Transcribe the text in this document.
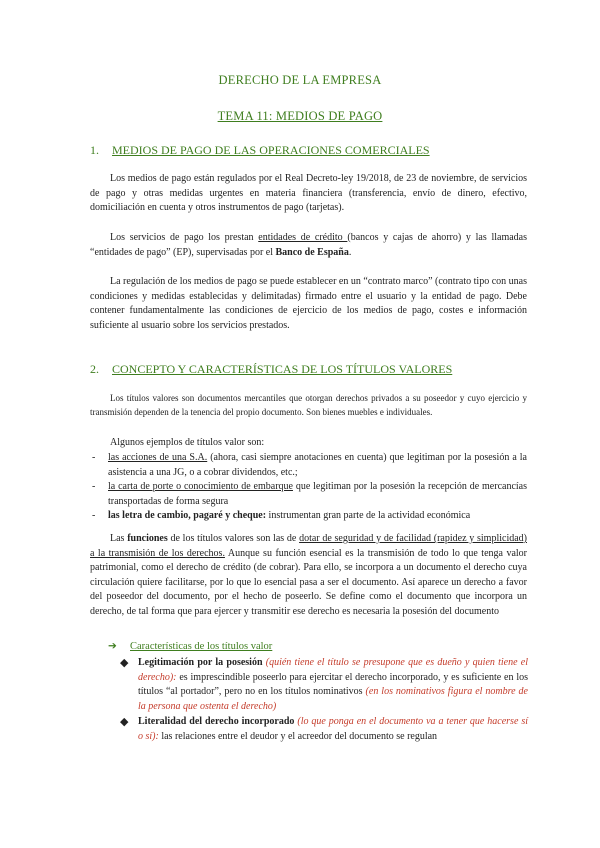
DERECHO DE LA EMPRESA
TEMA 11: MEDIOS DE PAGO
1. MEDIOS DE PAGO DE LAS OPERACIONES COMERCIALES

Los medios de pago están regulados por el Real Decreto-ley 19/2018, de 23 de noviembre, de servicios de pago y otras medidas urgentes en materia financiera (transferencia, envío de dinero, efectivo, domiciliación en cuenta y otros instrumentos de pago (tarjetas).

Los servicios de pago los prestan entidades de crédito (bancos y cajas de ahorro) y las llamadas “entidades de pago” (EP), supervisadas por el Banco de España.

La regulación de los medios de pago se puede establecer en un “contrato marco” (contrato tipo con unas condiciones y medidas establecidas y delimitadas) firmado entre el usuario y la entidad de pago. Debe contener fundamentalmente las condiciones de ejercicio de los medios de pago, costes e información suficiente al usuario sobre los servicios prestados.

2. CONCEPTO Y CARACTERÍSTICAS DE LOS TÍTULOS VALORES

Los títulos valores son documentos mercantiles que otorgan derechos privados a su poseedor y cuyo ejercicio y transmisión dependen de la tenencia del propio documento. Son bienes muebles e individuales.

Algunos ejemplos de títulos valor son:

- las acciones de una S.A. (ahora, casi siempre anotaciones en cuenta) que legitiman por la posesión a la asistencia a una JG, o a cobrar dividendos, etc.;
- la carta de porte o conocimiento de embarque que legitiman por la posesión la recepción de mercancías transportadas de forma segura
- las letra de cambio, pagaré y cheque: instrumentan gran parte de la actividad económica

Las funciones de los títulos valores son las de dotar de seguridad y de facilidad (rapidez y simplicidad) a la transmisión de los derechos. Aunque su función esencial es la transmisión de todo lo que tenga valor patrimonial, como el derecho de crédito (de cobrar). Para ello, se incorpora a un documento el derecho cuya circulación quiere facilitarse, por lo que lo esencial pasa a ser el documento. Así aparece un derecho a favor del poseedor del documento, por el hecho de poseerlo. Se define como el documento que incorpora un derecho, de tal forma que para ejercer y transmitir ese derecho es necesaria la posesión del documento

➔ Características de los títulos valor
◆ Legitimación por la posesión (quién tiene el título se presupone que es dueño y quien tiene el derecho): es imprescindible poseerlo para ejercitar el derecho incorporado, y es suficiente en los títulos “al portador”, pero no en los títulos nominativos (en los nominativos figura el nombre de la persona que ostenta el derecho)
◆ Literalidad del derecho incorporado (lo que ponga en el documento va a tener que hacerse sí o sí): las relaciones entre el deudor y el acreedor del documento se regulan
